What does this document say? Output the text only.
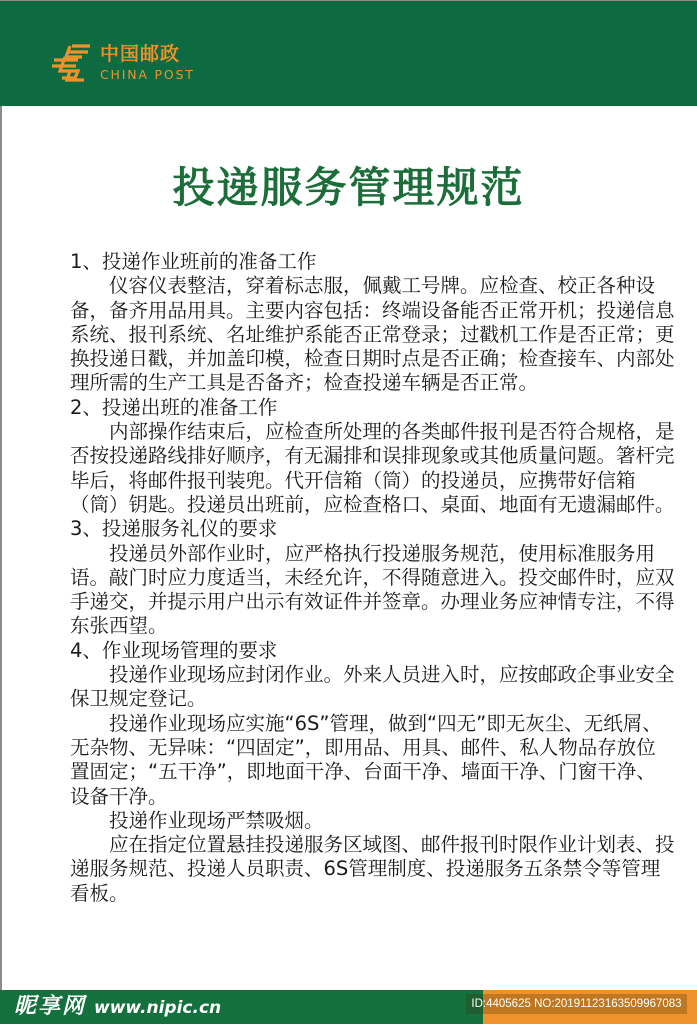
中国邮政
CHINA POST
投递服务管理规范

1、投递作业班前的准备工作

仪容仪表整洁，穿着标志服，佩戴工号牌。应检查、校正各种设备，备齐用品用具。主要内容包括：终端设备能否正常开机；投递信息系统、报刊系统、名址维护系能否正常登录；过戳机工作是否正常；更换投递日戳，并加盖印模，检查日期时点是否正确；检查接车、内部处理所需的生产工具是否备齐；检查投递车辆是否正常。

2、投递出班的准备工作

内部操作结束后，应检查所处理的各类邮件报刊是否符合规格，是否按投递路线排好顺序，有无漏排和误排现象或其他质量问题。箸杆完毕后，将邮件报刊装兜。代开信箱（筒）的投递员，应携带好信箱（筒）钥匙。投递员出班前，应检查格口、桌面、地面有无遗漏邮件。

3、投递服务礼仪的要求

投递员外部作业时，应严格执行投递服务规范，使用标准服务用语。敲门时应力度适当，未经允许，不得随意进入。投交邮件时，应双手递交，并提示用户出示有效证件并签章。办理业务应神情专注，不得东张西望。

4、作业现场管理的要求

投递作业现场应封闭作业。外来人员进入时，应按邮政企事业安全保卫规定登记。

投递作业现场应实施“6S”管理，做到“四无”即无灰尘、无纸屑、无杂物、无异味：“四固定”，即用品、用具、邮件、私人物品存放位置固定；“五干净”，即地面干净、台面干净、墙面干净、门窗干净、设备干净。

投递作业现场严禁吸烟。

应在指定位置悬挂投递服务区域图、邮件报刊时限作业计划表、投递服务规范、投递人员职责、6S管理制度、投递服务五条禁令等管理看板。

昵享网 www.nipic.cn	ID:4405625 NO:20191123163509967083
